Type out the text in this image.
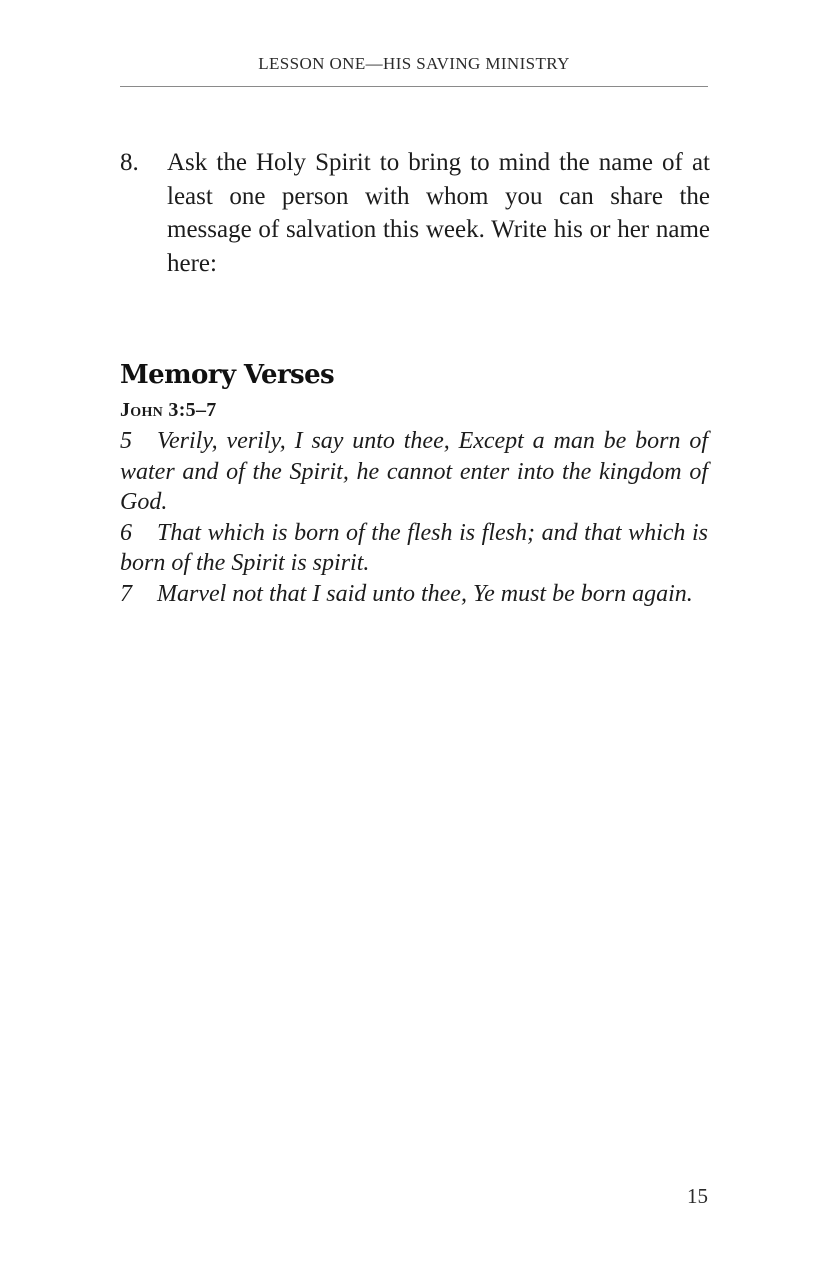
LESSON ONE—HIS SAVING MINISTRY
8. Ask the Holy Spirit to bring to mind the name of at least one person with whom you can share the message of salvation this week. Write his or her name here:
Memory Verses
John 3:5–7

5 Verily, verily, I say unto thee, Except a man be born of water and of the Spirit, he cannot enter into the kingdom of God.

6 That which is born of the flesh is flesh; and that which is born of the Spirit is spirit.

7 Marvel not that I said unto thee, Ye must be born again.

15
